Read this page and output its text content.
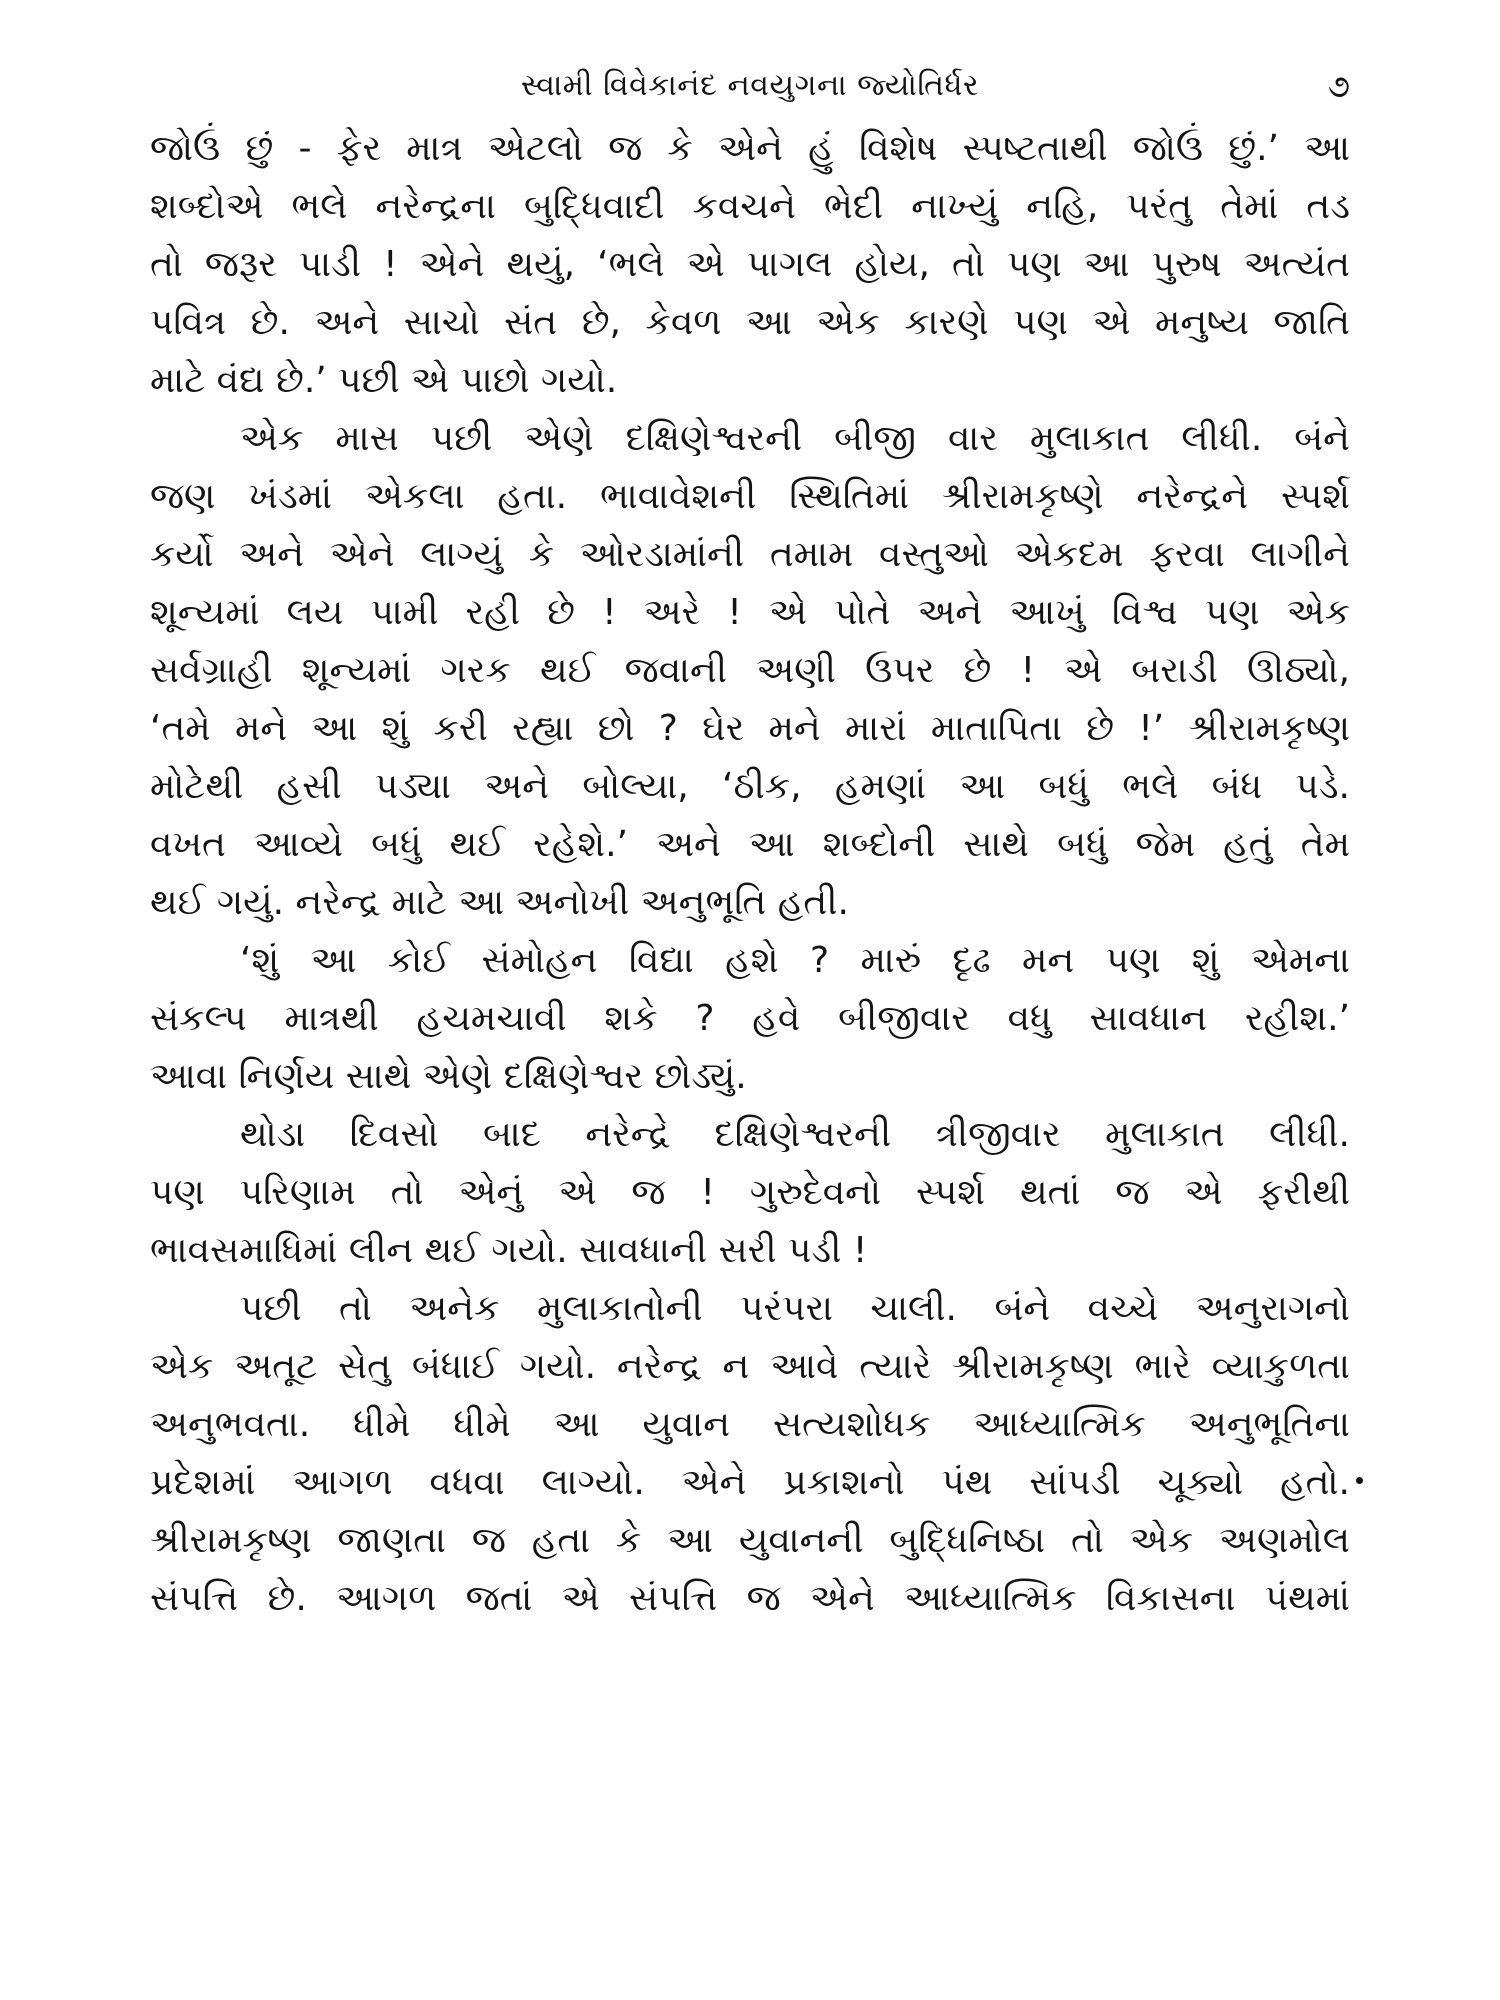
સ્વામી વિવેકાનંદ નવયુગના જ્યોતિર્ધર	૭
જોઉં છું - ફેર માત્ર એટલો જ કે એને હું વિશેષ સ્પષ્ટતાથી જોઉં છું.’ આ
શબ્દોએ ભલે નરેન્દ્રના બુદ્ધિવાદી કવચને ભેદી નાખ્યું નહિ, પરંતુ તેમાં તડ
તો જરૂર પાડી ! એને થયું, ‘ભલે એ પાગલ હોય, તો પણ આ પુરુષ અત્યંત
પવિત્ર છે. અને સાચો સંત છે, કેવળ આ એક કારણે પણ એ મનુષ્ય જાતિ
માટે વંદ્ય છે.’ પછી એ પાછો ગયો.
એક માસ પછી એણે દક્ષિણેશ્વરની બીજી વાર મુલાકાત લીધી. બંને
જણ ખંડમાં એકલા હતા. ભાવાવેશની સ્થિતિમાં શ્રીરામકૃષ્ણે નરેન્દ્રને સ્પર્શ
કર્યો અને એને લાગ્યું કે ઓરડામાંની તમામ વસ્તુઓ એકદમ ફરવા લાગીને
શૂન્યમાં લય પામી રહી છે ! અરે ! એ પોતે અને આખું વિશ્વ પણ એક
સર્વગ્રાહી શૂન્યમાં ગરક થઈ જવાની અણી ઉપર છે ! એ બરાડી ઊઠ્યો,
‘તમે મને આ શું કરી રહ્યા છો ? ઘેર મને મારાં માતાપિતા છે !’ શ્રીરામકૃષ્ણ
મોટેથી હસી પડ્યા અને બોલ્યા, ‘ઠીક, હમણાં આ બધું ભલે બંધ પડે.
વખત આવ્યે બધું થઈ રહેશે.’ અને આ શબ્દોની સાથે બધું જેમ હતું તેમ
થઈ ગયું. નરેન્દ્ર માટે આ અનોખી અનુભૂતિ હતી.
‘શું આ કોઈ સંમોહન વિદ્યા હશે ? મારું દૃઢ મન પણ શું એમના
સંકલ્પ માત્રથી હચમચાવી શકે ? હવે બીજીવાર વધુ સાવધાન રહીશ.’
આવા નિર્ણય સાથે એણે દક્ષિણેશ્વર છોડ્યું.
થોડા દિવસો બાદ નરેન્દ્રે દક્ષિણેશ્વરની ત્રીજીવાર મુલાકાત લીધી.
પણ પરિણામ તો એનું એ જ ! ગુરુદેવનો સ્પર્શ થતાં જ એ ફરીથી
ભાવસમાધિમાં લીન થઈ ગયો. સાવધાની સરી પડી !
પછી તો અનેક મુલાકાતોની પરંપરા ચાલી. બંને વચ્ચે અનુરાગનો
એક અતૂટ સેતુ બંધાઈ ગયો. નરેન્દ્ર ન આવે ત્યારે શ્રીરામકૃષ્ણ ભારે વ્યાકુળતા
અનુભવતા. ધીમે ધીમે આ યુવાન સત્યશોધક આધ્યાત્મિક અનુભૂતિના
પ્રદેશમાં આગળ વધવા લાગ્યો. એને પ્રકાશનો પંથ સાંપડી ચૂક્યો હતો.
શ્રીરામકૃષ્ણ જાણતા જ હતા કે આ યુવાનની બુદ્ધિનિષ્ઠા તો એક અણમોલ
સંપત્તિ છે. આગળ જતાં એ સંપત્તિ જ એને આધ્યાત્મિક વિકાસના પંથમાં
